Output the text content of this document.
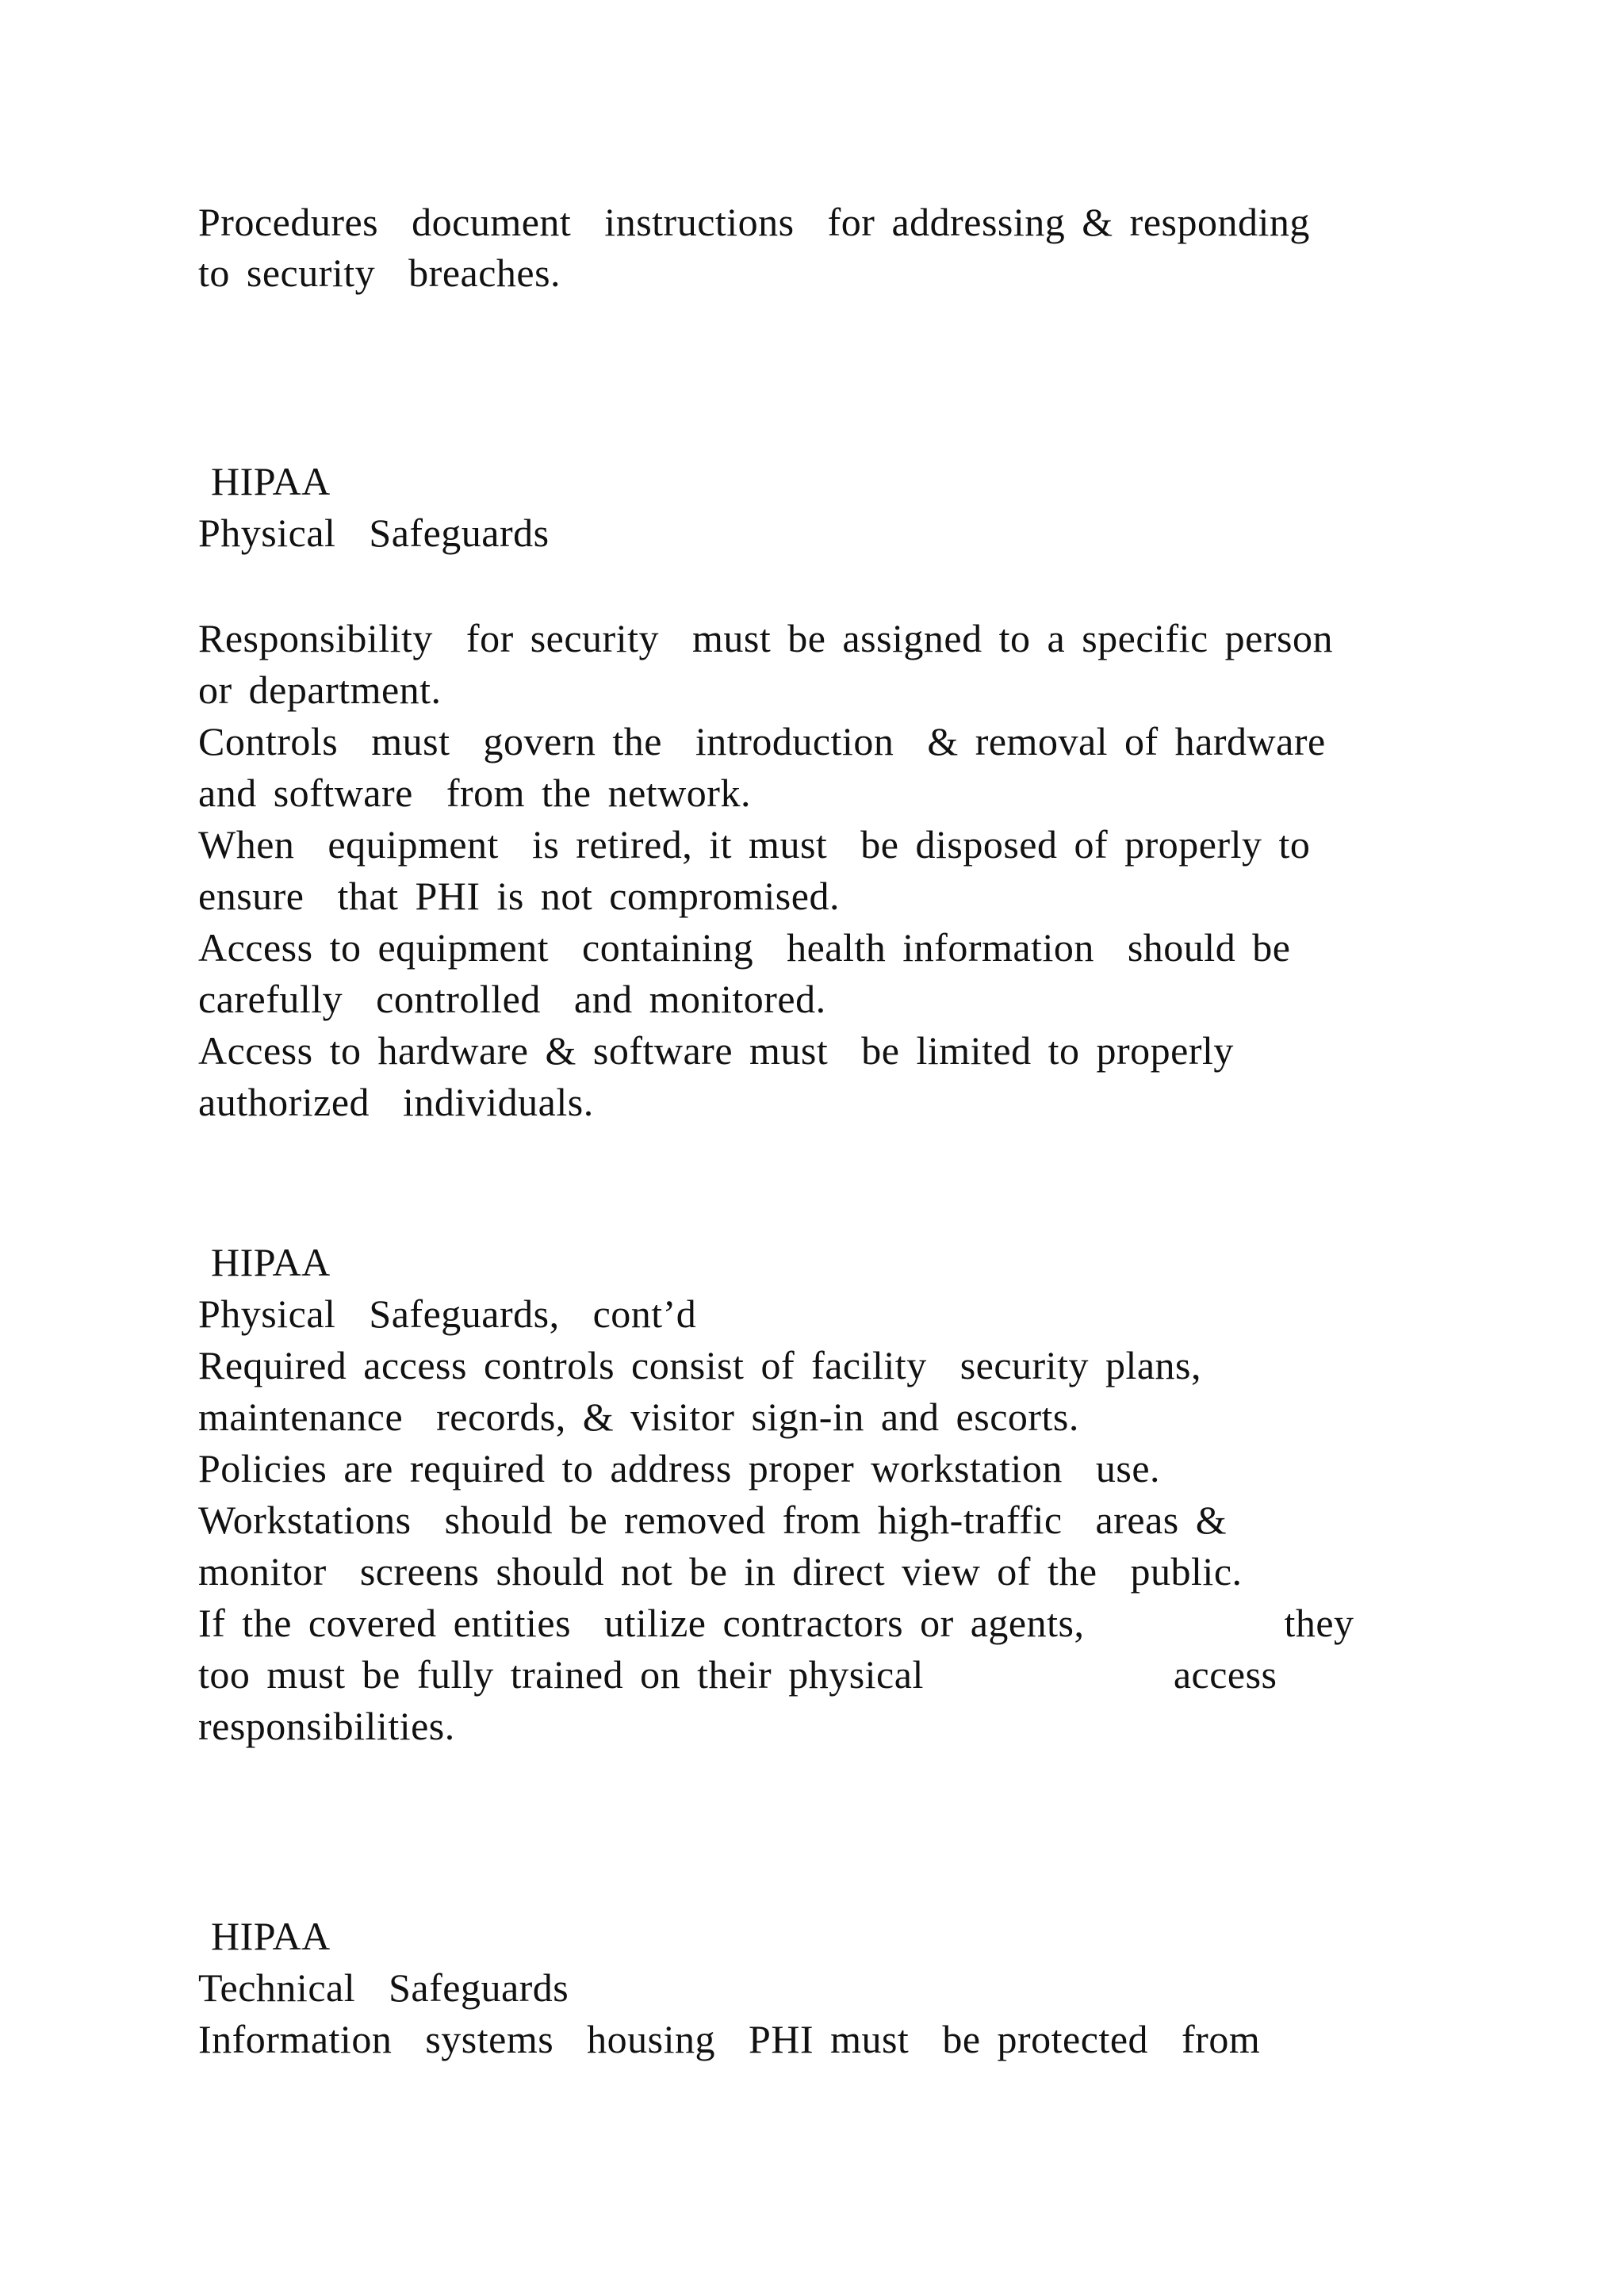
Procedures  document  instructions  for addressing & responding
to security  breaches.
HIPAA
Physical  Safeguards
Responsibility  for security  must be assigned to a specific person
or department.
Controls  must  govern the  introduction  & removal of hardware
and software  from the network.
When  equipment  is retired, it must  be disposed of properly to
ensure  that PHI is not compromised.
Access to equipment  containing  health information  should be
carefully  controlled  and monitored.
Access to hardware & software must  be limited to properly
authorized  individuals.
HIPAA
Physical  Safeguards,  cont’d
Required access controls consist of facility  security plans,
maintenance  records, & visitor sign-in and escorts.
Policies are required to address proper workstation  use.
Workstations  should be removed from high-traffic  areas &
monitor  screens should not be in direct view of the  public.
If the covered entities  utilize contractors or agents,            they
too must be fully trained on their physical               access
responsibilities.
HIPAA
Technical  Safeguards
Information  systems  housing  PHI must  be protected  from
